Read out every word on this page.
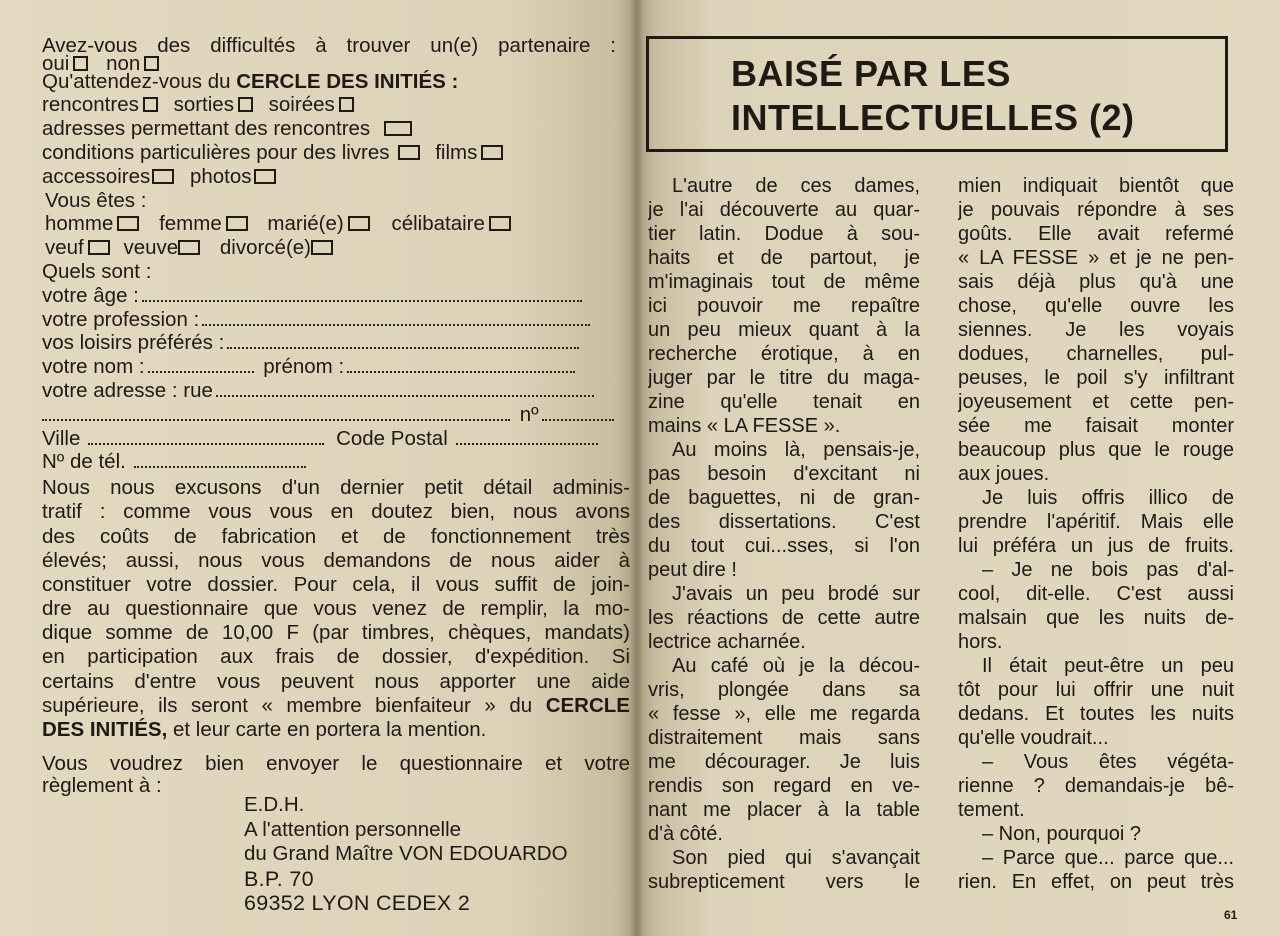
Avez-vous des difficultés à trouver un(e) partenaire :
oui non
Qu'attendez-vous du CERCLE DES INITIÉS :
rencontres sorties soirées
adresses permettant des rencontres
conditions particulières pour des livres films
accessoires photos
Vous êtes :
homme femme marié(e) célibataire
veuf veuve divorcé(e)
Quels sont :
votre âge :
votre profession :
vos loisirs préférés :
votre nom :	prénom :
votre adresse : rue
nº
Ville	Code Postal
Nº de tél.
Nous nous excusons d'un dernier petit détail adminis-
tratif : comme vous vous en doutez bien, nous avons
des coûts de fabrication et de fonctionnement très
élevés; aussi, nous vous demandons de nous aider à
constituer votre dossier. Pour cela, il vous suffit de join-
dre au questionnaire que vous venez de remplir, la mo-
dique somme de 10,00 F (par timbres, chèques, mandats)
en participation aux frais de dossier, d'expédition. Si
certains d'entre vous peuvent nous apporter une aide
supérieure, ils seront « membre bienfaiteur » du CERCLE
DES INITIÉS, et leur carte en portera la mention.
Vous voudrez bien envoyer le questionnaire et votre
règlement à :
E.D.H.
A l'attention personnelle
du Grand Maître VON EDOUARDO
B.P. 70
69352 LYON CEDEX 2
BAISÉ PAR LES
INTELLECTUELLES (2)
L'autre de ces dames,
je l'ai découverte au quar-
tier latin. Dodue à sou-
haits et de partout, je
m'imaginais tout de même
ici pouvoir me repaître
un peu mieux quant à la
recherche érotique, à en
juger par le titre du maga-
zine qu'elle tenait en
mains « LA FESSE ».
Au moins là, pensais-je,
pas besoin d'excitant ni
de baguettes, ni de gran-
des dissertations. C'est
du tout cui...sses, si l'on
peut dire !
J'avais un peu brodé sur
les réactions de cette autre
lectrice acharnée.
Au café où je la décou-
vris, plongée dans sa
« fesse », elle me regarda
distraitement mais sans
me décourager. Je luis
rendis son regard en ve-
nant me placer à la table
d'à côté.
Son pied qui s'avançait
subrepticement vers le
mien indiquait bientôt que
je pouvais répondre à ses
goûts. Elle avait refermé
« LA FESSE » et je ne pen-
sais déjà plus qu'à une
chose, qu'elle ouvre les
siennes. Je les voyais
dodues, charnelles, pul-
peuses, le poil s'y infiltrant
joyeusement et cette pen-
sée me faisait monter
beaucoup plus que le rouge
aux joues.
Je luis offris illico de
prendre l'apéritif. Mais elle
lui préféra un jus de fruits.
– Je ne bois pas d'al-
cool, dit-elle. C'est aussi
malsain que les nuits de-
hors.
Il était peut-être un peu
tôt pour lui offrir une nuit
dedans. Et toutes les nuits
qu'elle voudrait...
– Vous êtes végéta-
rienne ? demandais-je bê-
tement.
– Non, pourquoi ?
– Parce que... parce que...
rien. En effet, on peut très
61
